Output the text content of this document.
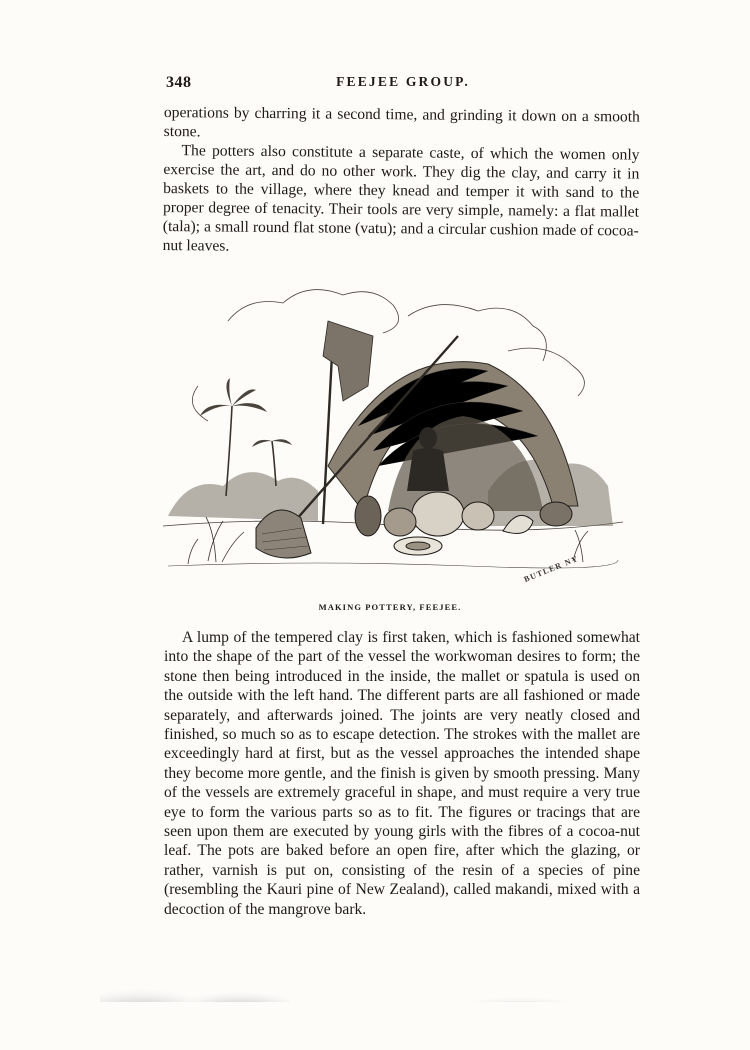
348	FEEJEE GROUP.

operations by charring it a second time, and grinding it down on a smooth stone.

The potters also constitute a separate caste, of which the women only exercise the art, and do no other work. They dig the clay, and carry it in baskets to the village, where they knead and temper it with sand to the proper degree of tenacity. Their tools are very simple, namely: a flat mallet (tala); a small round flat stone (vatu); and a circular cushion made of cocoa-nut leaves.

BUTLER NY
MAKING POTTERY, FEEJEE.

A lump of the tempered clay is first taken, which is fashioned somewhat into the shape of the part of the vessel the workwoman desires to form; the stone then being introduced in the inside, the mallet or spatula is used on the outside with the left hand. The different parts are all fashioned or made separately, and afterwards joined. The joints are very neatly closed and finished, so much so as to escape detection. The strokes with the mallet are exceedingly hard at first, but as the vessel approaches the intended shape they become more gentle, and the finish is given by smooth pressing. Many of the vessels are extremely graceful in shape, and must require a very true eye to form the various parts so as to fit. The figures or tracings that are seen upon them are executed by young girls with the fibres of a cocoa-nut leaf. The pots are baked before an open fire, after which the glazing, or rather, varnish is put on, consisting of the resin of a species of pine (resembling the Kauri pine of New Zealand), called makandi, mixed with a decoction of the mangrove bark.
